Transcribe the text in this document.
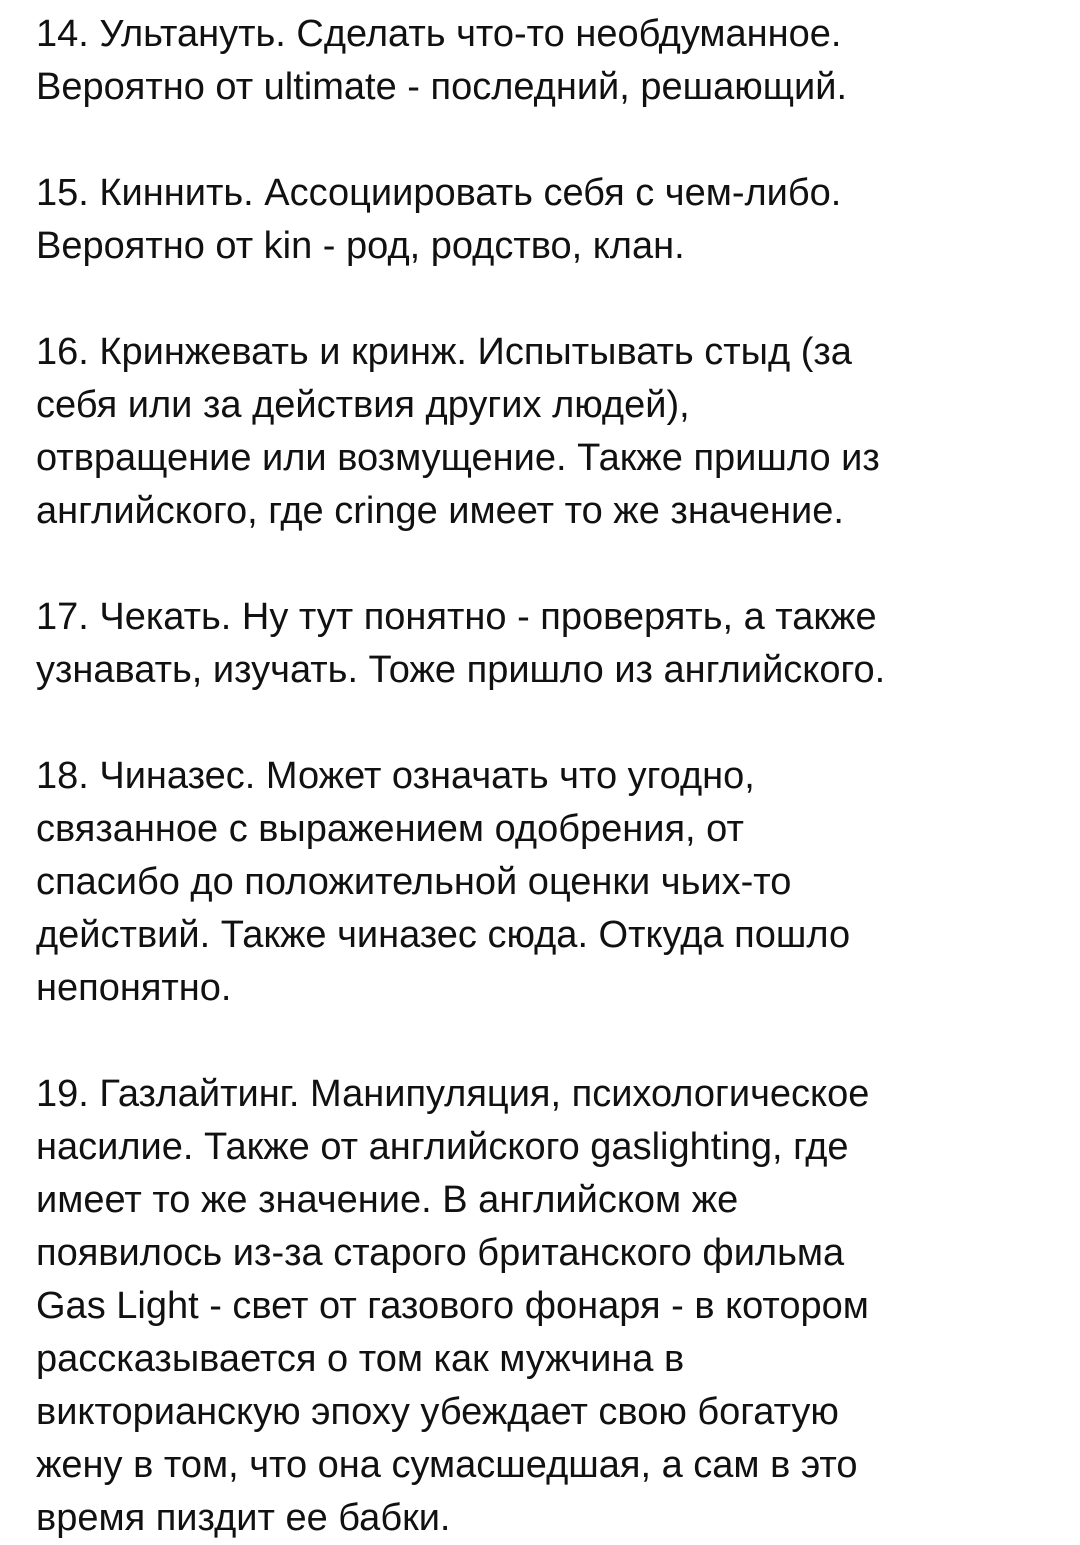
14. Ультануть. Сделать что-то необдуманное.
Вероятно от ultimate - последний, решающий.
15. Киннить. Ассоциировать себя с чем-либо.
Вероятно от kin - род, родство, клан.
16. Кринжевать и кринж. Испытывать стыд (за
себя или за действия других людей),
отвращение или возмущение. Также пришло из
английского, где cringe имеет то же значение.
17. Чекать. Ну тут понятно - проверять, а также
узнавать, изучать. Тоже пришло из английского.
18. Чиназес. Может означать что угодно,
связанное с выражением одобрения, от
спасибо до положительной оценки чьих-то
действий. Также чиназес сюда. Откуда пошло
непонятно.
19. Газлайтинг. Манипуляция, психологическое
насилие. Также от английского gaslighting, где
имеет то же значение. В английском же
появилось из-за старого британского фильма
Gas Light - свет от газового фонаря - в котором
рассказывается о том как мужчина в
викторианскую эпоху убеждает свою богатую
жену в том, что она сумасшедшая, а сам в это
время пиздит ее бабки.
